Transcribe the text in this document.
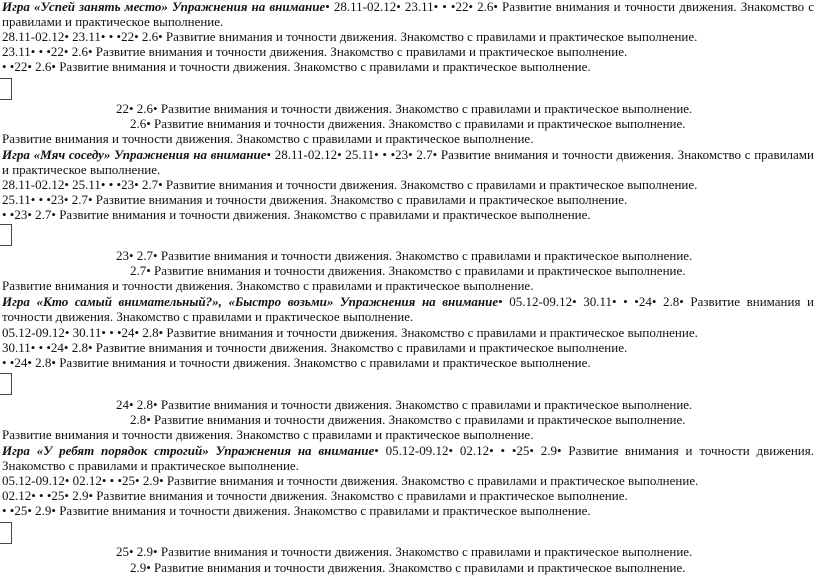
Игра «Успей занять место» Упражнения на внимание• 28.11-02.12• 23.11• • •22• 2.6• Развитие внимания и точности движения. Знакомство с правилами и практическое выполнение.
28.11-02.12• 23.11• • •22• 2.6• Развитие внимания и точности движения. Знакомство с правилами и практическое выполнение.
23.11• • •22• 2.6• Развитие внимания и точности движения. Знакомство с правилами и практическое выполнение.
• •22• 2.6• Развитие внимания и точности движения. Знакомство с правилами и практическое выполнение.
22• 2.6• Развитие внимания и точности движения. Знакомство с правилами и практическое выполнение.
2.6• Развитие внимания и точности движения. Знакомство с правилами и практическое выполнение.
Развитие внимания и точности движения. Знакомство с правилами и практическое выполнение.
Игра «Мяч соседу» Упражнения на внимание• 28.11-02.12• 25.11• • •23• 2.7• Развитие внимания и точности движения. Знакомство с правилами и практическое выполнение.
28.11-02.12• 25.11• • •23• 2.7• Развитие внимания и точности движения. Знакомство с правилами и практическое выполнение.
25.11• • •23• 2.7• Развитие внимания и точности движения. Знакомство с правилами и практическое выполнение.
• •23• 2.7• Развитие внимания и точности движения. Знакомство с правилами и практическое выполнение.
23• 2.7• Развитие внимания и точности движения. Знакомство с правилами и практическое выполнение.
2.7• Развитие внимания и точности движения. Знакомство с правилами и практическое выполнение.
Развитие внимания и точности движения. Знакомство с правилами и практическое выполнение.
Игра «Кто самый внимательный?», «Быстро возьми» Упражнения на внимание• 05.12-09.12• 30.11• • •24• 2.8• Развитие внимания и точности движения. Знакомство с правилами и практическое выполнение.
05.12-09.12• 30.11• • •24• 2.8• Развитие внимания и точности движения. Знакомство с правилами и практическое выполнение.
30.11• • •24• 2.8• Развитие внимания и точности движения. Знакомство с правилами и практическое выполнение.
• •24• 2.8• Развитие внимания и точности движения. Знакомство с правилами и практическое выполнение.
24• 2.8• Развитие внимания и точности движения. Знакомство с правилами и практическое выполнение.
2.8• Развитие внимания и точности движения. Знакомство с правилами и практическое выполнение.
Развитие внимания и точности движения. Знакомство с правилами и практическое выполнение.
Игра «У ребят порядок строгий» Упражнения на внимание• 05.12-09.12• 02.12• • •25• 2.9• Развитие внимания и точности движения. Знакомство с правилами и практическое выполнение.
05.12-09.12• 02.12• • •25• 2.9• Развитие внимания и точности движения. Знакомство с правилами и практическое выполнение.
02.12• • •25• 2.9• Развитие внимания и точности движения. Знакомство с правилами и практическое выполнение.
• •25• 2.9• Развитие внимания и точности движения. Знакомство с правилами и практическое выполнение.
25• 2.9• Развитие внимания и точности движения. Знакомство с правилами и практическое выполнение.
2.9• Развитие внимания и точности движения. Знакомство с правилами и практическое выполнение.
